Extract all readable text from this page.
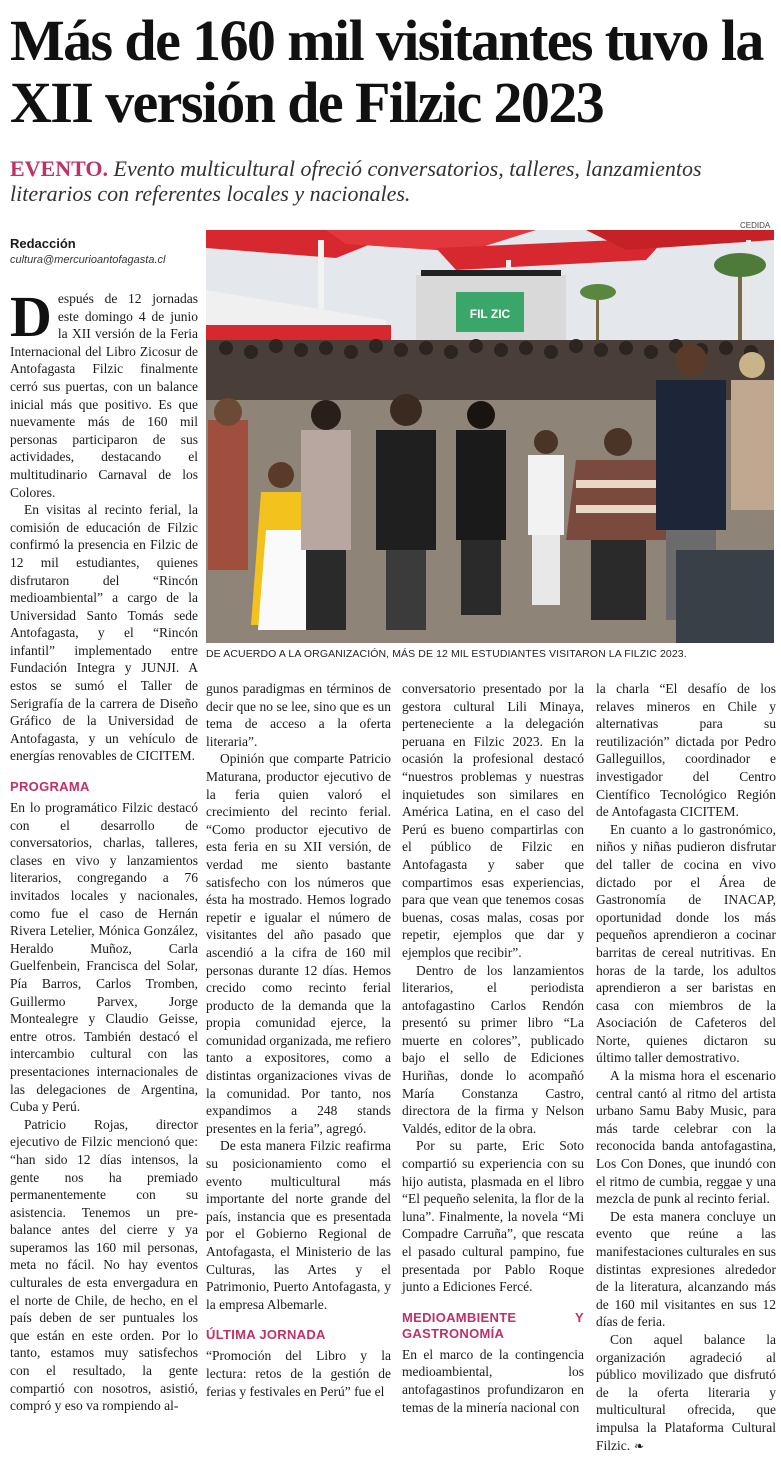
Más de 160 mil visitantes tuvo la XII versión de Filzic 2023
EVENTO. Evento multicultural ofreció conversatorios, talleres, lanzamientos literarios con referentes locales y nacionales.
Redacción
cultura@mercurioantofagasta.cl

Después de 12 jornadas este domingo 4 de junio la XII versión de la Feria Internacional del Libro Zicosur de Antofagasta Filzic finalmente cerró sus puertas, con un balance inicial más que positivo. Es que nuevamente más de 160 mil personas participaron de sus actividades, destacando el multitudinario Carnaval de los Colores.

En visitas al recinto ferial, la comisión de educación de Filzic confirmó la presencia en Filzic de 12 mil estudiantes, quienes disfrutaron del “Rincón medioambiental” a cargo de la Universidad Santo Tomás sede Antofagasta, y el “Rincón infantil” implementado entre Fundación Integra y JUNJI. A estos se sumó el Taller de Serigrafía de la carrera de Diseño Gráfico de la Universidad de Antofagasta, y un vehículo de energías renovables de CICITEM.

PROGRAMA

En lo programático Filzic destacó con el desarrollo de conversatorios, charlas, talleres, clases en vivo y lanzamientos literarios, congregando a 76 invitados locales y nacionales, como fue el caso de Hernán Rivera Letelier, Mónica González, Heraldo Muñoz, Carla Guelfenbein, Francisca del Solar, Pía Barros, Carlos Tromben, Guillermo Parvex, Jorge Montealegre y Claudio Geisse, entre otros. También destacó el intercambio cultural con las presentaciones internacionales de las delegaciones de Argentina, Cuba y Perú.

Patricio Rojas, director ejecutivo de Filzic mencionó que: “han sido 12 días intensos, la gente nos ha premiado permanentemente con su asistencia. Tenemos un pre-balance antes del cierre y ya superamos las 160 mil personas, meta no fácil. No hay eventos culturales de esta envergadura en el norte de Chile, de hecho, en el país deben de ser puntuales los que están en este orden. Por lo tanto, estamos muy satisfechos con el resultado, la gente compartió con nosotros, asistió, compró y eso va rompiendo al-

CEDIDA
FIL ZIC
DE ACUERDO A LA ORGANIZACIÓN, MÁS DE 12 MIL ESTUDIANTES VISITARON LA FILZIC 2023.

gunos paradigmas en términos de decir que no se lee, sino que es un tema de acceso a la oferta literaria”.

Opinión que comparte Patricio Maturana, productor ejecutivo de la feria quien valoró el crecimiento del recinto ferial. “Como productor ejecutivo de esta feria en su XII versión, de verdad me siento bastante satisfecho con los números que ésta ha mostrado. Hemos logrado repetir e igualar el número de visitantes del año pasado que ascendió a la cifra de 160 mil personas durante 12 días. Hemos crecido como recinto ferial producto de la demanda que la propia comunidad ejerce, la comunidad organizada, me refiero tanto a expositores, como a distintas organizaciones vivas de la comunidad. Por tanto, nos expandimos a 248 stands presentes en la feria”, agregó.

De esta manera Filzic reafirma su posicionamiento como el evento multicultural más importante del norte grande del país, instancia que es presentada por el Gobierno Regional de Antofagasta, el Ministerio de las Culturas, las Artes y el Patrimonio, Puerto Antofagasta, y la empresa Albemarle.

ÚLTIMA JORNADA

“Promoción del Libro y la lectura: retos de la gestión de ferias y festivales en Perú” fue el

conversatorio presentado por la gestora cultural Lili Minaya, perteneciente a la delegación peruana en Filzic 2023. En la ocasión la profesional destacó “nuestros problemas y nuestras inquietudes son similares en América Latina, en el caso del Perú es bueno compartirlas con el público de Filzic en Antofagasta y saber que compartimos esas experiencias, para que vean que tenemos cosas buenas, cosas malas, cosas por repetir, ejemplos que dar y ejemplos que recibir”.

Dentro de los lanzamientos literarios, el periodista antofagastino Carlos Rendón presentó su primer libro “La muerte en colores”, publicado bajo el sello de Ediciones Huriñas, donde lo acompañó María Constanza Castro, directora de la firma y Nelson Valdés, editor de la obra.

Por su parte, Eric Soto compartió su experiencia con su hijo autista, plasmada en el libro “El pequeño selenita, la flor de la luna”. Finalmente, la novela “Mi Compadre Carruña”, que rescata el pasado cultural pampino, fue presentada por Pablo Roque junto a Ediciones Fercé.

MEDIOAMBIENTE Y GASTRONOMÍA

En el marco de la contingencia medioambiental, los antofagastinos profundizaron en temas de la minería nacional con

la charla “El desafío de los relaves mineros en Chile y alternativas para su reutilización” dictada por Pedro Galleguillos, coordinador e investigador del Centro Científico Tecnológico Región de Antofagasta CICITEM.

En cuanto a lo gastronómico, niños y niñas pudieron disfrutar del taller de cocina en vivo dictado por el Área de Gastronomía de INACAP, oportunidad donde los más pequeños aprendieron a cocinar barritas de cereal nutritivas. En horas de la tarde, los adultos aprendieron a ser baristas en casa con miembros de la Asociación de Cafeteros del Norte, quienes dictaron su último taller demostrativo.

A la misma hora el escenario central cantó al ritmo del artista urbano Samu Baby Music, para más tarde celebrar con la reconocida banda antofagastina, Los Con Dones, que inundó con el ritmo de cumbia, reggae y una mezcla de punk al recinto ferial.

De esta manera concluye un evento que reúne a las manifestaciones culturales en sus distintas expresiones alrededor de la literatura, alcanzando más de 160 mil visitantes en sus 12 días de feria.

Con aquel balance la organización agradeció al público movilizado que disfrutó de la oferta literaria y multicultural ofrecida, que impulsa la Plataforma Cultural Filzic. ❧
